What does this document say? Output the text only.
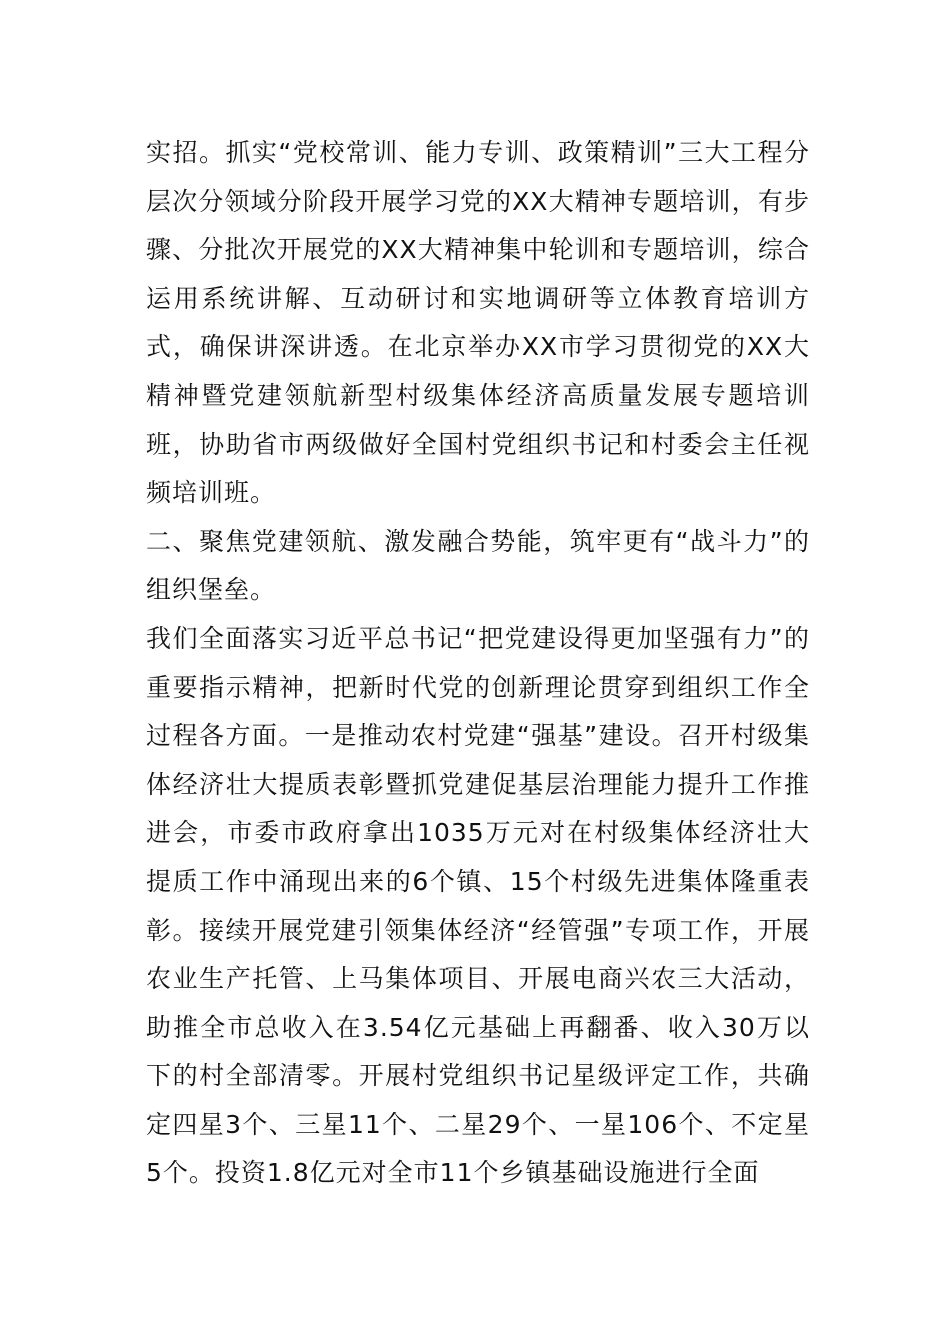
实招。抓实“党校常训、能力专训、政策精训”三大工程分层次分领域分阶段开展学习党的XX大精神专题培训，有步骤、分批次开展党的XX大精神集中轮训和专题培训，综合运用系统讲解、互动研讨和实地调研等立体教育培训方式，确保讲深讲透。在北京举办XX市学习贯彻党的XX大精神暨党建领航新型村级集体经济高质量发展专题培训班，协助省市两级做好全国村党组织书记和村委会主任视频培训班。

二、聚焦党建领航、激发融合势能，筑牢更有“战斗力”的组织堡垒。

我们全面落实习近平总书记“把党建设得更加坚强有力”的重要指示精神，把新时代党的创新理论贯穿到组织工作全过程各方面。一是推动农村党建“强基”建设。召开村级集体经济壮大提质表彰暨抓党建促基层治理能力提升工作推进会，市委市政府拿出1035万元对在村级集体经济壮大提质工作中涌现出来的6个镇、15个村级先进集体隆重表彰。接续开展党建引领集体经济“经管强”专项工作，开展农业生产托管、上马集体项目、开展电商兴农三大活动，助推全市总收入在3.54亿元基础上再翻番、收入30万以下的村全部清零。开展村党组织书记星级评定工作，共确定四星3个、三星11个、二星29个、一星106个、不定星5个。投资1.8亿元对全市11个乡镇基础设施进行全面
